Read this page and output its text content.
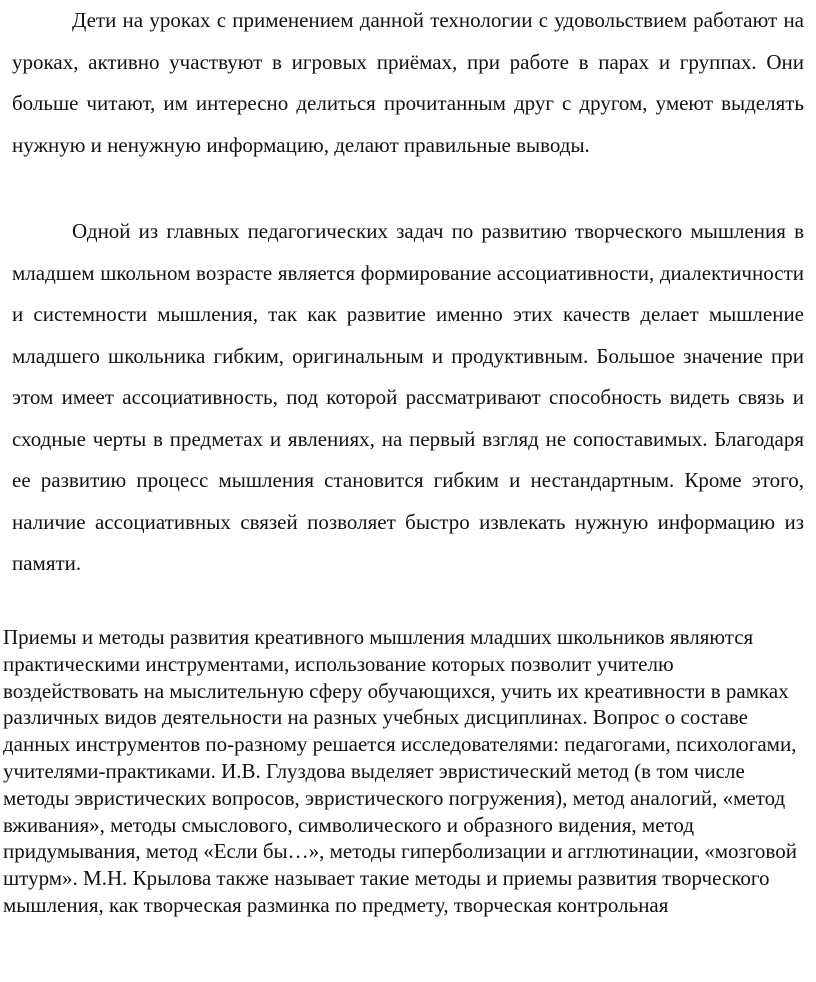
Дети на уроках с применением данной технологии с удовольствием работают на уроках, активно участвуют в игровых приёмах, при работе в парах и группах. Они больше читают, им интересно делиться прочитанным друг с другом, умеют выделять нужную и ненужную информацию, делают правильные выводы.

Одной из главных педагогических задач по развитию творческого мышления в младшем школьном возрасте является формирование ассоциативности, диалектичности и системности мышления, так как развитие именно этих качеств делает мышление младшего школьника гибким, оригинальным и продуктивным. Большое значение при этом имеет ассоциативность, под которой рассматривают способность видеть связь и сходные черты в предметах и явлениях, на первый взгляд не сопоставимых. Благодаря ее развитию процесс мышления становится гибким и нестандартным. Кроме этого, наличие ассоциативных связей позволяет быстро извлекать нужную информацию из памяти.

Приемы и методы развития креативного мышления младших школьников являются практическими инструментами, использование которых позволит учителю воздействовать на мыслительную сферу обучающихся, учить их креативности в рамках различных видов деятельности на разных учебных дисциплинах. Вопрос о составе данных инструментов по-разному решается исследователями: педагогами, психологами, учителями-практиками. И.В. Глуздова выделяет эвристический метод (в том числе методы эвристических вопросов, эвристического погружения), метод аналогий, «метод вживания», методы смыслового, символического и образного видения, метод придумывания, метод «Если бы…», методы гиперболизации и агглютинации, «мозговой штурм». М.Н. Крылова также называет такие методы и приемы развития творческого мышления, как творческая разминка по предмету, творческая контрольная
